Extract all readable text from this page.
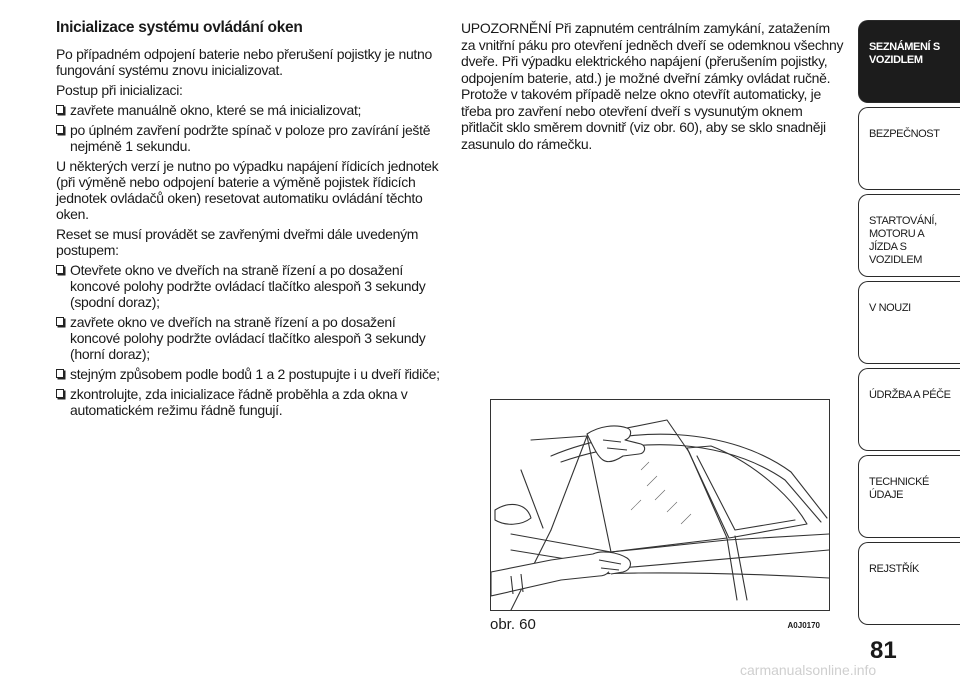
Inicializace systému ovládání oken

Po případném odpojení baterie nebo přerušení pojistky je nutno fungování systému znovu inicializovat.

Postup při inicializaci:

zavřete manuálně okno, které se má inicializovat;
po úplném zavření podržte spínač v poloze pro zavírání ještě nejméně 1 sekundu.

U některých verzí je nutno po výpadku napájení řídicích jednotek (při výměně nebo odpojení baterie a výměně pojistek řídicích jednotek ovládačů oken) resetovat automatiku ovládání těchto oken.

Reset se musí provádět se zavřenými dveřmi dále uvedeným postupem:

Otevřete okno ve dveřích na straně řízení a po dosažení koncové polohy podržte ovládací tlačítko alespoň 3 sekundy (spodní doraz);
zavřete okno ve dveřích na straně řízení a po dosažení koncové polohy podržte ovládací tlačítko alespoň 3 sekundy (horní doraz);
stejným způsobem podle bodů 1 a 2 postupujte i u dveří řidiče;
zkontrolujte, zda inicializace řádně proběhla a zda okna v automatickém režimu řádně fungují.

UPOZORNĚNÍ Při zapnutém centrálním zamykání, zatažením za vnitřní páku pro otevření jedněch dveří se odemknou všechny dveře. Při výpadku elektrického napájení (přerušením pojistky, odpojením baterie, atd.) je možné dveřní zámky ovládat ručně. Protože v takovém případě nelze okno otevřít automaticky, je třeba pro zavření nebo otevření dveří s vysunutým oknem přitlačit sklo směrem dovnitř (viz obr. 60), aby se sklo snadněji zasunulo do rámečku.

obr. 60	A0J0170
SEZNÁMENÍ S VOZIDLEM
BEZPEČNOST
STARTOVÁNÍ, MOTORU A JÍZDA S VOZIDLEM
V NOUZI
ÚDRŽBA A PÉČE
TECHNICKÉ ÚDAJE
REJSTŘÍK
81
carmanualsonline.info
